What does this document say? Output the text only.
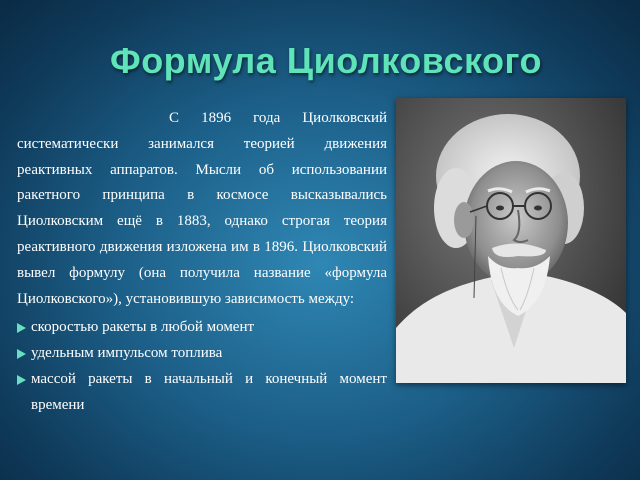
Формула Циолковского

С 1896 года Циолковский систематически занимался теорией движения реактивных аппаратов. Мысли об использовании ракетного принципа в космосе высказывались Циолковским ещё в 1883, однако строгая теория реактивного движения изложена им в 1896. Циолковский вывел формулу (она получила название «формула Циолковского»), установившую зависимость между:

скоростью ракеты в любой момент
удельным импульсом топлива
массой ракеты в начальный и конечный момент времени
